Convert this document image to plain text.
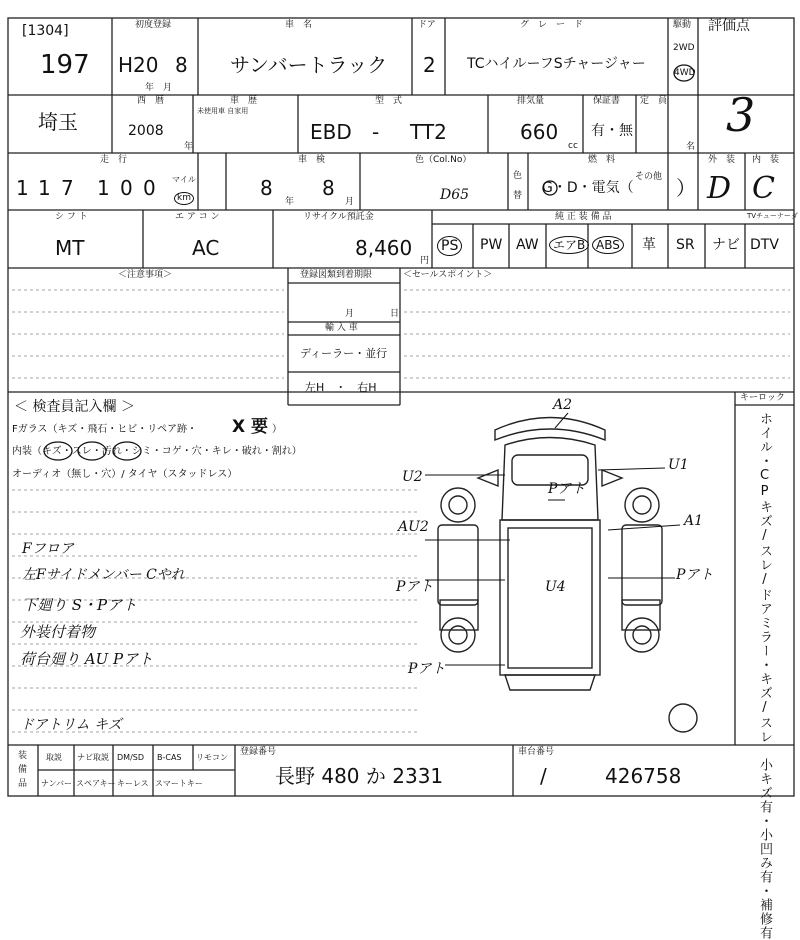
[1304]
197
初度登録
H20 8
年　月
車　名
サンバートラック
ドア
2
グ　レ　ー　ド
TCハイルーフSチャージャー
駆動
2WD
4WD
評価点
3
埼玉
西　暦
2008
年
車　歴
未使用車 自家用
型　式
EBD - TT2
排気量
660
cc
保証書
有・無
定　員
名
走　行
1 1 7 1 0 0 マイル
km
車　検
8
年
8
月
色（Col.No）
D65
色
替
燃　料
G・D・電気（
その他 ）
外　装
D
内　装
C
シ フ ト
MT
エ ア コ ン
AC
リサイクル預託金
8,460
円
純 正 装 備 品	TVチューナーダ
PS PW AW	エアB ABS 革 SR ナビ DTV
＜注意事項＞	登録図類到着期限
月	日
輸 入 車
ディーラー・並行
左H　・　右H
＜セールスポイント＞
＜ 検査員記入欄 ＞
Fガラス（キズ・飛石・ヒビ・リペア跡・ X 要 ）
内装（キズ・スレ・汚れ・シミ・コゲ・穴・キレ・破れ・割れ）
オーディオ（無し・穴）/ タイヤ（スタッドレス）
Fフロア
左Fサイドメンバー Cやれ
下廻り S・Pアト
外装付着物
荷台廻り AU Pアト
ドアトリム キズ
キーロック
ホイル・CPキズ/スレ/ドアミラー・キズ/スレ　小キズ有・小凹み有・補修有
A2
U2
U1
A1
AU2
Pアト
Pアト
Pアト
Pアト
U4
装
備
品
取説 ナビ取説 DM/SD B-CAS リモコン
ナンバー スペアキー キーレス スマートキー
登録番号
長野 480 か 2331
車台番号
/	426758
